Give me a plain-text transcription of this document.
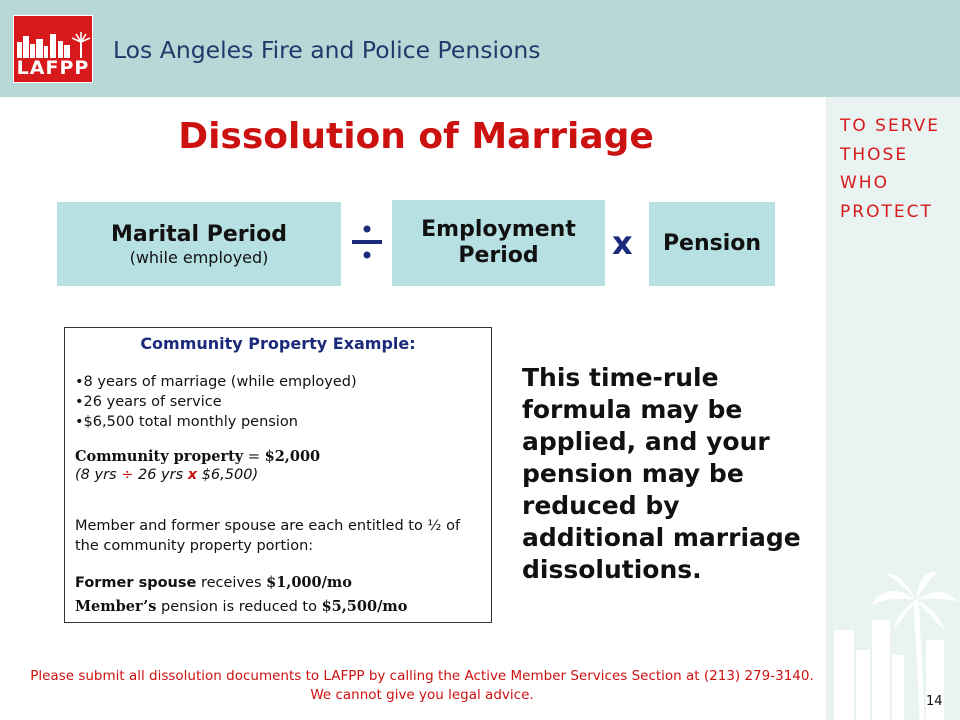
LAFPP
Los Angeles Fire and Police Pensions
TO SERVE
THOSE
WHO
PROTECT
Dissolution of Marriage
Marital Period
(while employed)
Employment
Period x Pension
Community Property Example:
•8 years of marriage (while employed)
•26 years of service
•$6,500 total monthly pension
Community property = $2,000
(8 yrs ÷ 26 yrs x $6,500)
Member and former spouse are each entitled to ½ of the community property portion:
Former spouse receives $1,000/mo
Member’s pension is reduced to $5,500/mo
This time-rule formula may be applied, and your pension may be reduced by additional marriage dissolutions.
Please submit all dissolution documents to LAFPP by calling the Active Member Services Section at (213) 279-3140. We cannot give you legal advice.	14
